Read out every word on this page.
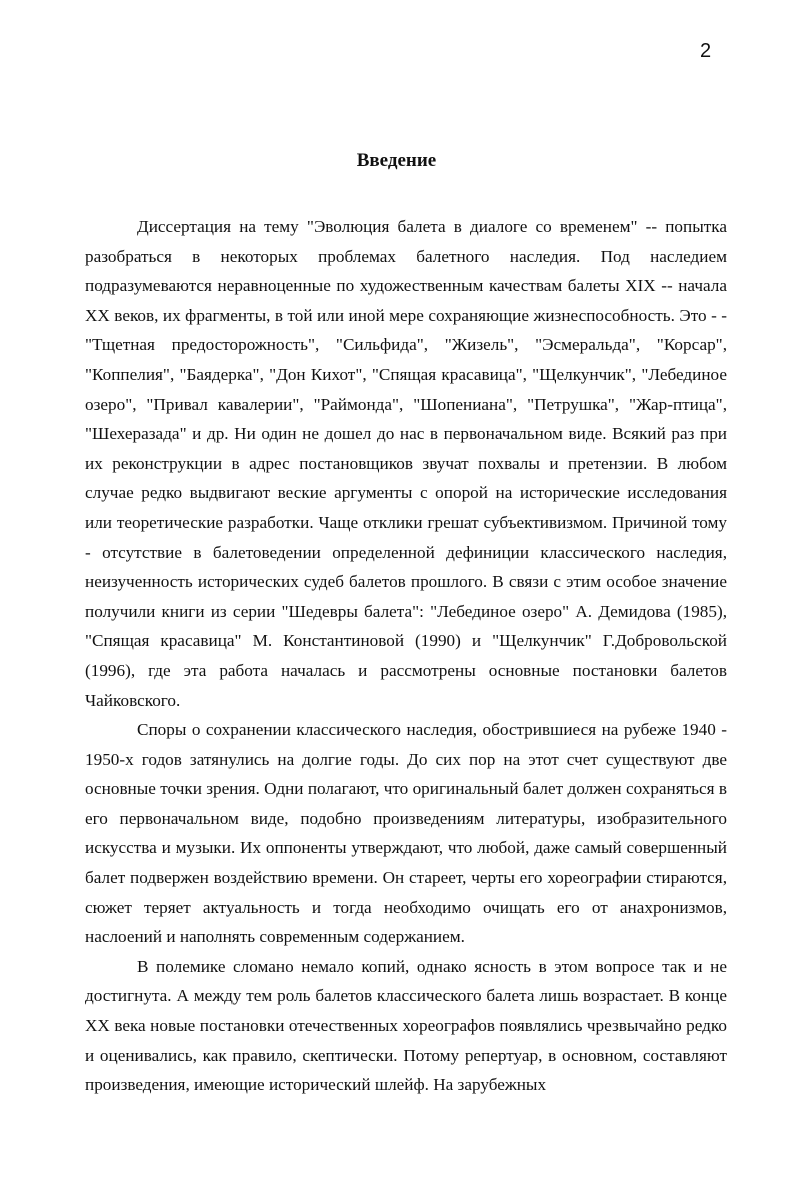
2
Введение

Диссертация на тему "Эволюция балета в диалоге со временем" -- попытка разобраться в некоторых проблемах балетного наследия. Под наследием подразумеваются неравноценные по художественным качествам балеты XIX -- начала XX веков, их фрагменты, в той или иной мере сохраняющие жизнеспособность. Это - - "Тщетная предосторожность", "Сильфида", "Жизель", "Эсмеральда", "Корсар", "Коппелия", "Баядерка", "Дон Кихот", "Спящая красавица", "Щелкунчик", "Лебединое озеро", "Привал кавалерии", "Раймонда", "Шопениана", "Петрушка", "Жар-птица", "Шехеразада" и др. Ни один не дошел до нас в первоначальном виде. Всякий раз при их реконструкции в адрес постановщиков звучат похвалы и претензии. В любом случае редко выдвигают веские аргументы с опорой на исторические исследования или теоретические разработки. Чаще отклики грешат субъективизмом. Причиной тому - отсутствие в балетоведении определенной дефиниции классического наследия, неизученность исторических судеб балетов прошлого. В связи с этим особое значение получили книги из серии "Шедевры балета": "Лебединое озеро" А. Демидова (1985), "Спящая красавица" М. Константиновой (1990) и "Щелкунчик" Г.Добровольской (1996), где эта работа началась и рассмотрены основные постановки балетов Чайковского.

Споры о сохранении классического наследия, обострившиеся на рубеже 1940 - 1950-х годов затянулись на долгие годы. До сих пор на этот счет существуют две основные точки зрения. Одни полагают, что оригинальный балет должен сохраняться в его первоначальном виде, подобно произведениям литературы, изобразительного искусства и музыки. Их оппоненты утверждают, что любой, даже самый совершенный балет подвержен воздействию времени. Он стареет, черты его хореографии стираются, сюжет теряет актуальность и тогда необходимо очищать его от анахронизмов, наслоений и наполнять современным содержанием.

В полемике сломано немало копий, однако ясность в этом вопросе так и не достигнута. А между тем роль балетов классического балета лишь возрастает. В конце XX века новые постановки отечественных хореографов появлялись чрезвычайно редко и оценивались, как правило, скептически. Потому репертуар, в основном, составляют произведения, имеющие исторический шлейф. На зарубежных
